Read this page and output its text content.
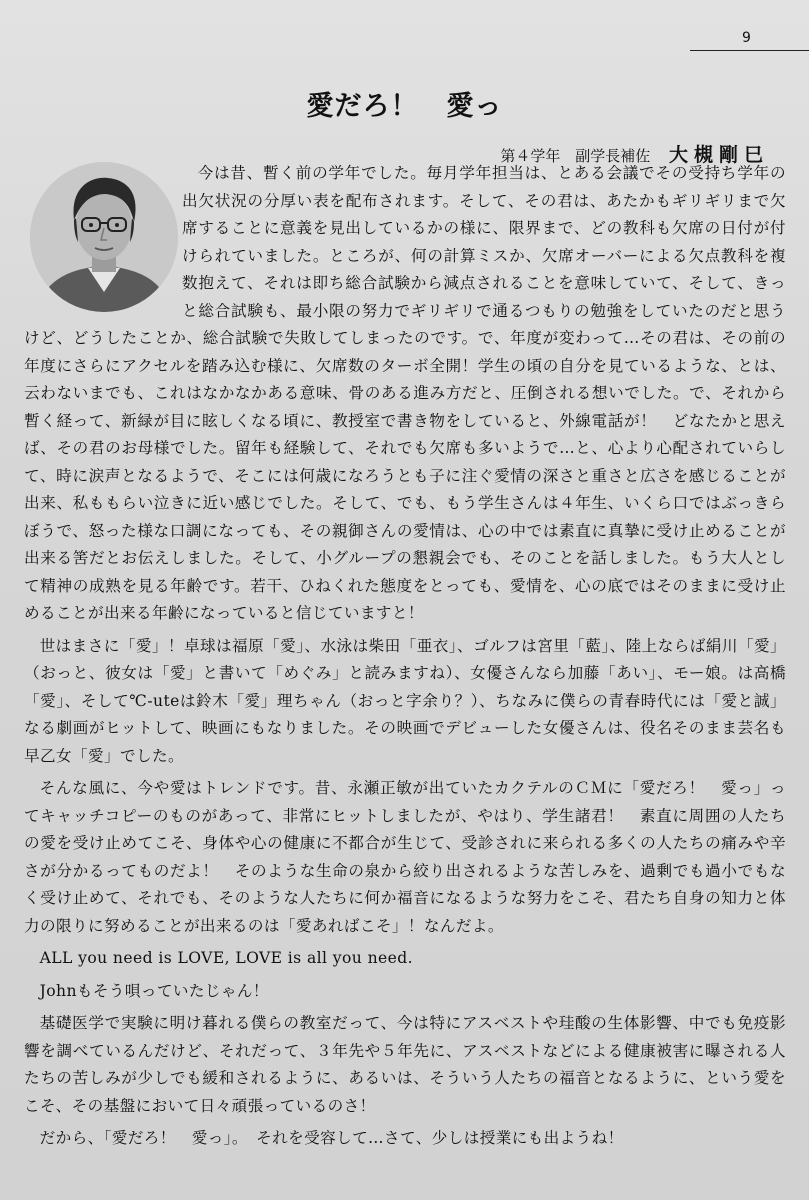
9
愛だろ！　愛っ
第４学年 副学長補佐 大槻剛巳

今は昔、暫く前の学年でした。毎月学年担当は、とある会議でその受持ち学年の出欠状況の分厚い表を配布されます。そして、その君は、あたかもギリギリまで欠席することに意義を見出しているかの様に、限界まで、どの教科も欠席の日付が付けられていました。ところが、何の計算ミスか、欠席オーバーによる欠点教科を複数抱えて、それは即ち総合試験から減点されることを意味していて、そして、きっと総合試験も、最小限の努力でギリギリで通るつもりの勉強をしていたのだと思うけど、どうしたことか、総合試験で失敗してしまったのです。で、年度が変わって…その君は、その前の年度にさらにアクセルを踏み込む様に、欠席数のターボ全開！学生の頃の自分を見ているような、とは、云わないまでも、これはなかなかある意味、骨のある進み方だと、圧倒される想いでした。で、それから暫く経って、新緑が目に眩しくなる頃に、教授室で書き物をしていると、外線電話が！　どなたかと思えば、その君のお母様でした。留年も経験して、それでも欠席も多いようで…と、心より心配されていらして、時に涙声となるようで、そこには何歳になろうとも子に注ぐ愛情の深さと重さと広さを感じることが出来、私ももらい泣きに近い感じでした。そして、でも、もう学生さんは４年生、いくら口ではぶっきらぼうで、怒った様な口調になっても、その親御さんの愛情は、心の中では素直に真摯に受け止めることが出来る筈だとお伝えしました。そして、小グループの懇親会でも、そのことを話しました。もう大人として精神の成熟を見る年齢です。若干、ひねくれた態度をとっても、愛情を、心の底ではそのままに受け止めることが出来る年齢になっていると信じていますと！

世はまさに「愛」！卓球は福原「愛」、水泳は柴田「亜衣」、ゴルフは宮里「藍」、陸上ならば絹川「愛」（おっと、彼女は「愛」と書いて「めぐみ」と読みますね）、女優さんなら加藤「あい」、モー娘。は高橋「愛」、そして℃-uteは鈴木「愛」理ちゃん（おっと字余り？）、ちなみに僕らの青春時代には「愛と誠」なる劇画がヒットして、映画にもなりました。その映画でデビューした女優さんは、役名そのまま芸名も早乙女「愛」でした。

そんな風に、今や愛はトレンドです。昔、永瀬正敏が出ていたカクテルのＣＭに「愛だろ！　愛っ」ってキャッチコピーのものがあって、非常にヒットしましたが、やはり、学生諸君！　素直に周囲の人たちの愛を受け止めてこそ、身体や心の健康に不都合が生じて、受診されに来られる多くの人たちの痛みや辛さが分かるってものだよ！　そのような生命の泉から絞り出されるような苦しみを、過剰でも過小でもなく受け止めて、それでも、そのような人たちに何か福音になるような努力をこそ、君たち自身の知力と体力の限りに努めることが出来るのは「愛あればこそ」！なんだよ。

ALL you need is LOVE, LOVE is all you need.

Johnもそう唄っていたじゃん！

基礎医学で実験に明け暮れる僕らの教室だって、今は特にアスベストや珪酸の生体影響、中でも免疫影響を調べているんだけど、それだって、３年先や５年先に、アスベストなどによる健康被害に曝される人たちの苦しみが少しでも緩和されるように、あるいは、そういう人たちの福音となるように、という愛をこそ、その基盤において日々頑張っているのさ！

だから、「愛だろ！　愛っ」。　それを受容して…さて、少しは授業にも出ようね！
